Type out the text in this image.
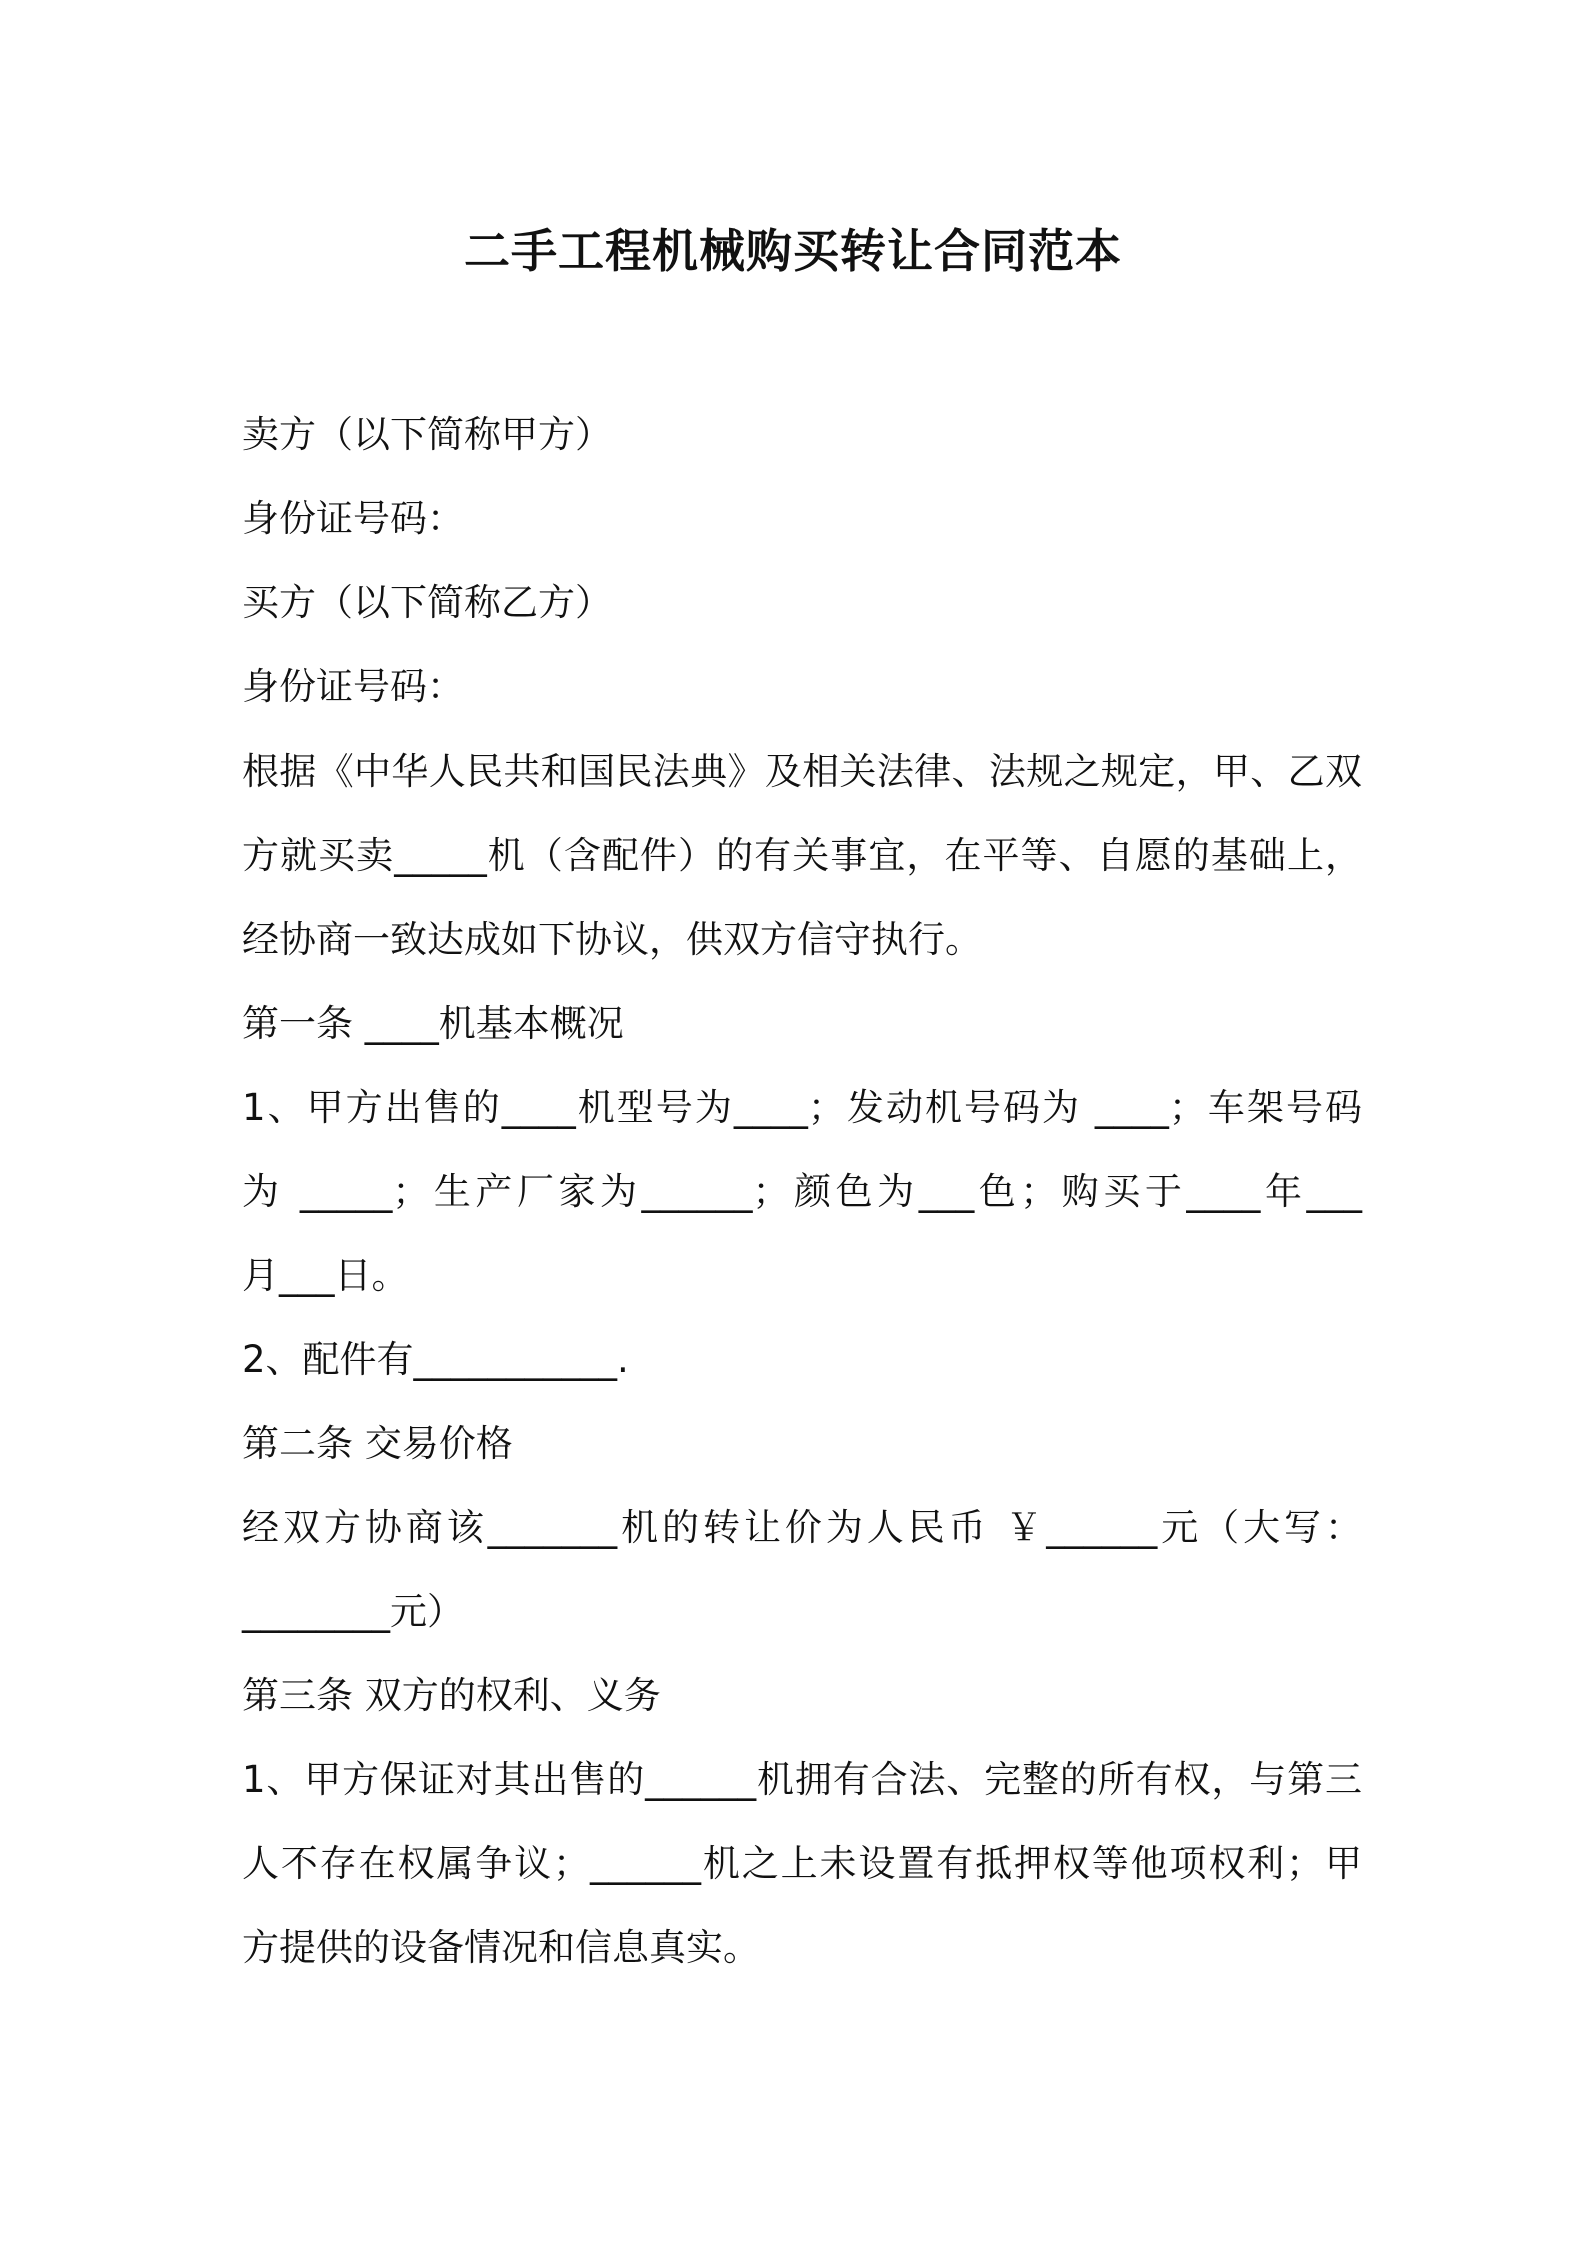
二手工程机械购买转让合同范本
卖方（以下简称甲方）
身份证号码：
买方（以下简称乙方）
身份证号码：
根据《中华人民共和国民法典》及相关法律、法规之规定，甲、乙双
方就买卖_____机（含配件）的有关事宜，在平等、自愿的基础上，
经协商一致达成如下协议，供双方信守执行。
第一条 ____机基本概况
1、甲方出售的____机型号为____；发动机号码为 ____；车架号码
为 _____；生产厂家为______；颜色为___色；购买于____年___
月___日。
2、配件有___________.
第二条 交易价格
经双方协商该_______机的转让价为人民币 ￥______元（大写：
________元）
第三条 双方的权利、义务
1、甲方保证对其出售的______机拥有合法、完整的所有权，与第三
人不存在权属争议；______机之上未设置有抵押权等他项权利；甲
方提供的设备情况和信息真实。
